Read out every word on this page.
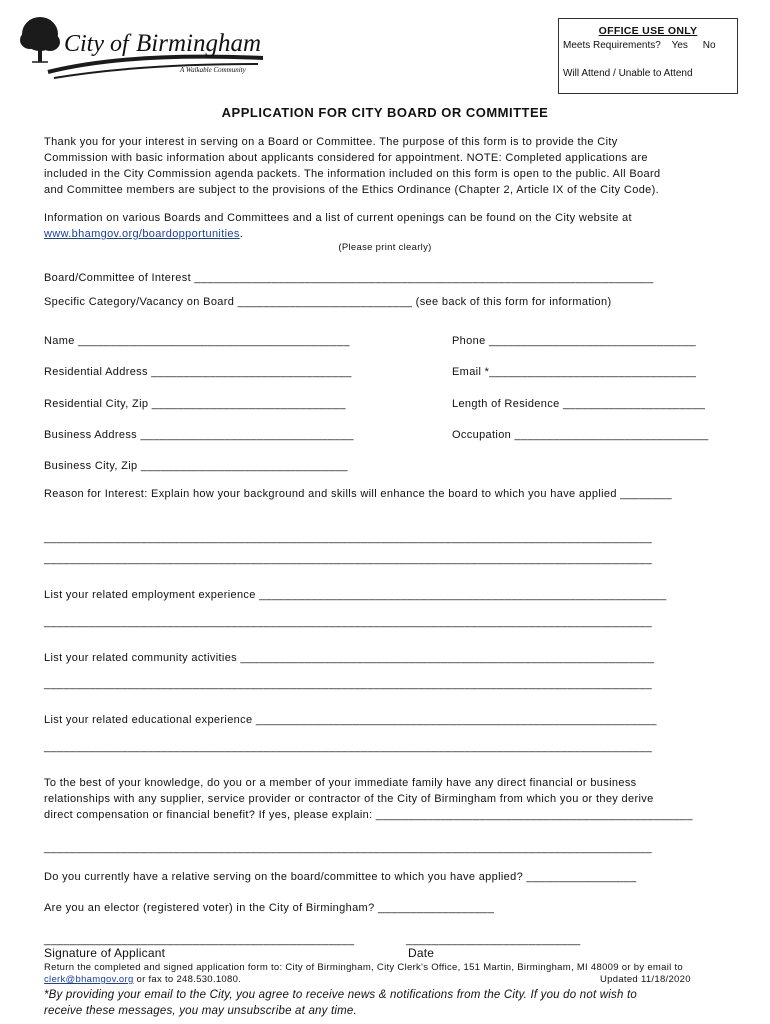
City of Birmingham
A Walkable Community
OFFICE USE ONLY
Meets Requirements? Yes No
Will Attend / Unable to Attend
APPLICATION FOR CITY BOARD OR COMMITTEE
Thank you for your interest in serving on a Board or Committee. The purpose of this form is to provide the City
Commission with basic information about applicants considered for appointment. NOTE: Completed applications are
included in the City Commission agenda packets. The information included on this form is open to the public. All Board
and Committee members are subject to the provisions of the Ethics Ordinance (Chapter 2, Article IX of the City Code).
Information on various Boards and Committees and a list of current openings can be found on the City website at
www.bhamgov.org/boardopportunities.
(Please print clearly)
Board/Committee of Interest _______________________________________________________________________
Specific Category/Vacancy on Board ___________________________ (see back of this form for information)
Name __________________________________________	Phone ________________________________
Residential Address _______________________________	Email *________________________________
Residential City, Zip ______________________________	Length of Residence ______________________
Business Address _________________________________	Occupation ______________________________
Business City, Zip ________________________________
Reason for Interest: Explain how your background and skills will enhance the board to which you have applied ________
______________________________________________________________________________________________
______________________________________________________________________________________________
List your related employment experience _______________________________________________________________
______________________________________________________________________________________________
List your related community activities ________________________________________________________________
______________________________________________________________________________________________
List your related educational experience ______________________________________________________________
______________________________________________________________________________________________
To the best of your knowledge, do you or a member of your immediate family have any direct financial or business
relationships with any supplier, service provider or contractor of the City of Birmingham from which you or they derive
direct compensation or financial benefit? If yes, please explain: _________________________________________________
______________________________________________________________________________________________
Do you currently have a relative serving on the board/committee to which you have applied? _________________
Are you an elector (registered voter) in the City of Birmingham? __________________
________________________________________________	___________________________
Signature of Applicant	Date
Return the completed and signed application form to: City of Birmingham, City Clerk's Office, 151 Martin, Birmingham, MI 48009 or by email to
clerk@bhamgov.org or fax to 248.530.1080.	Updated 11/18/2020
*By providing your email to the City, you agree to receive news & notifications from the City. If you do not wish to
receive these messages, you may unsubscribe at any time.
